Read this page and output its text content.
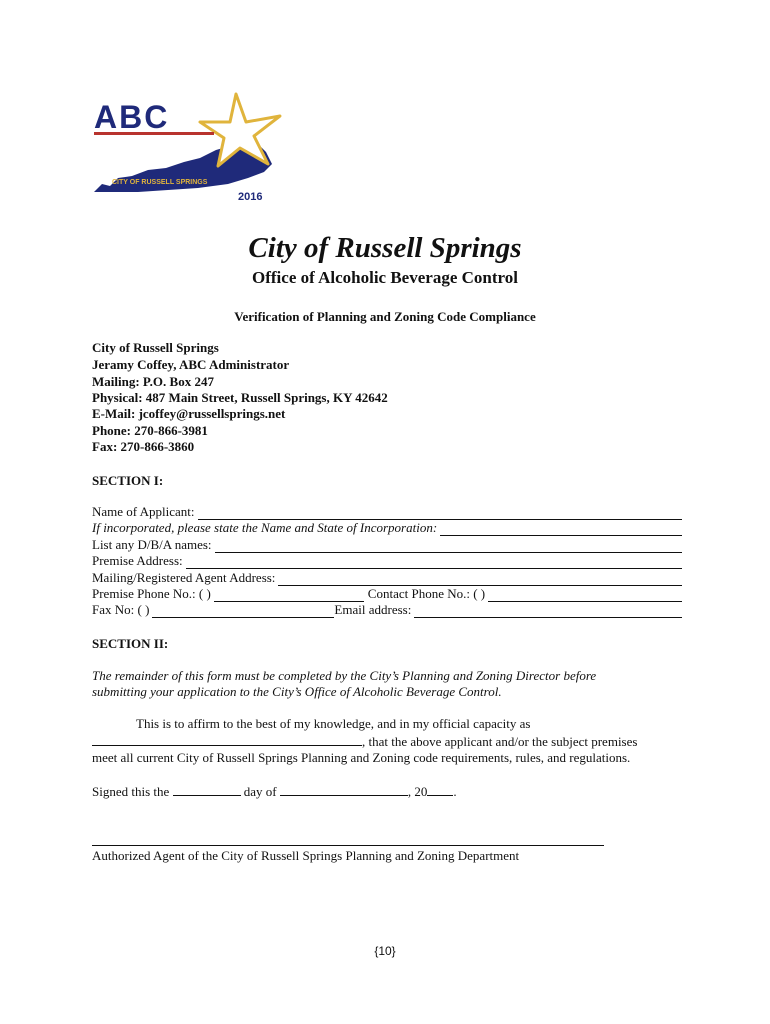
ABC
CITY OF RUSSELL SPRINGS
2016
City of Russell Springs
Office of Alcoholic Beverage Control
Verification of Planning and Zoning Code Compliance
City of Russell Springs
Jeramy Coffey, ABC Administrator
Mailing: P.O. Box 247
Physical: 487 Main Street, Russell Springs, KY 42642
E-Mail: jcoffey@russellsprings.net
Phone: 270-866-3981
Fax: 270-866-3860
SECTION I:
Name of Applicant:
If incorporated, please state the Name and State of Incorporation:
List any D/B/A names:
Premise Address:
Mailing/Registered Agent Address:
Premise Phone No.: ( )	Contact Phone No.: ( )
Fax No: ( )	Email address:
SECTION II:
The remainder of this form must be completed by the City’s Planning and Zoning Director before
submitting your application to the City’s Office of Alcoholic Beverage Control.
This is to affirm to the best of my knowledge, and in my official capacity as
, that the above applicant and/or the subject premises
meet all current City of Russell Springs Planning and Zoning code requirements, rules, and regulations.
Signed this the	day of	, 20 .
Authorized Agent of the City of Russell Springs Planning and Zoning Department
{10}
